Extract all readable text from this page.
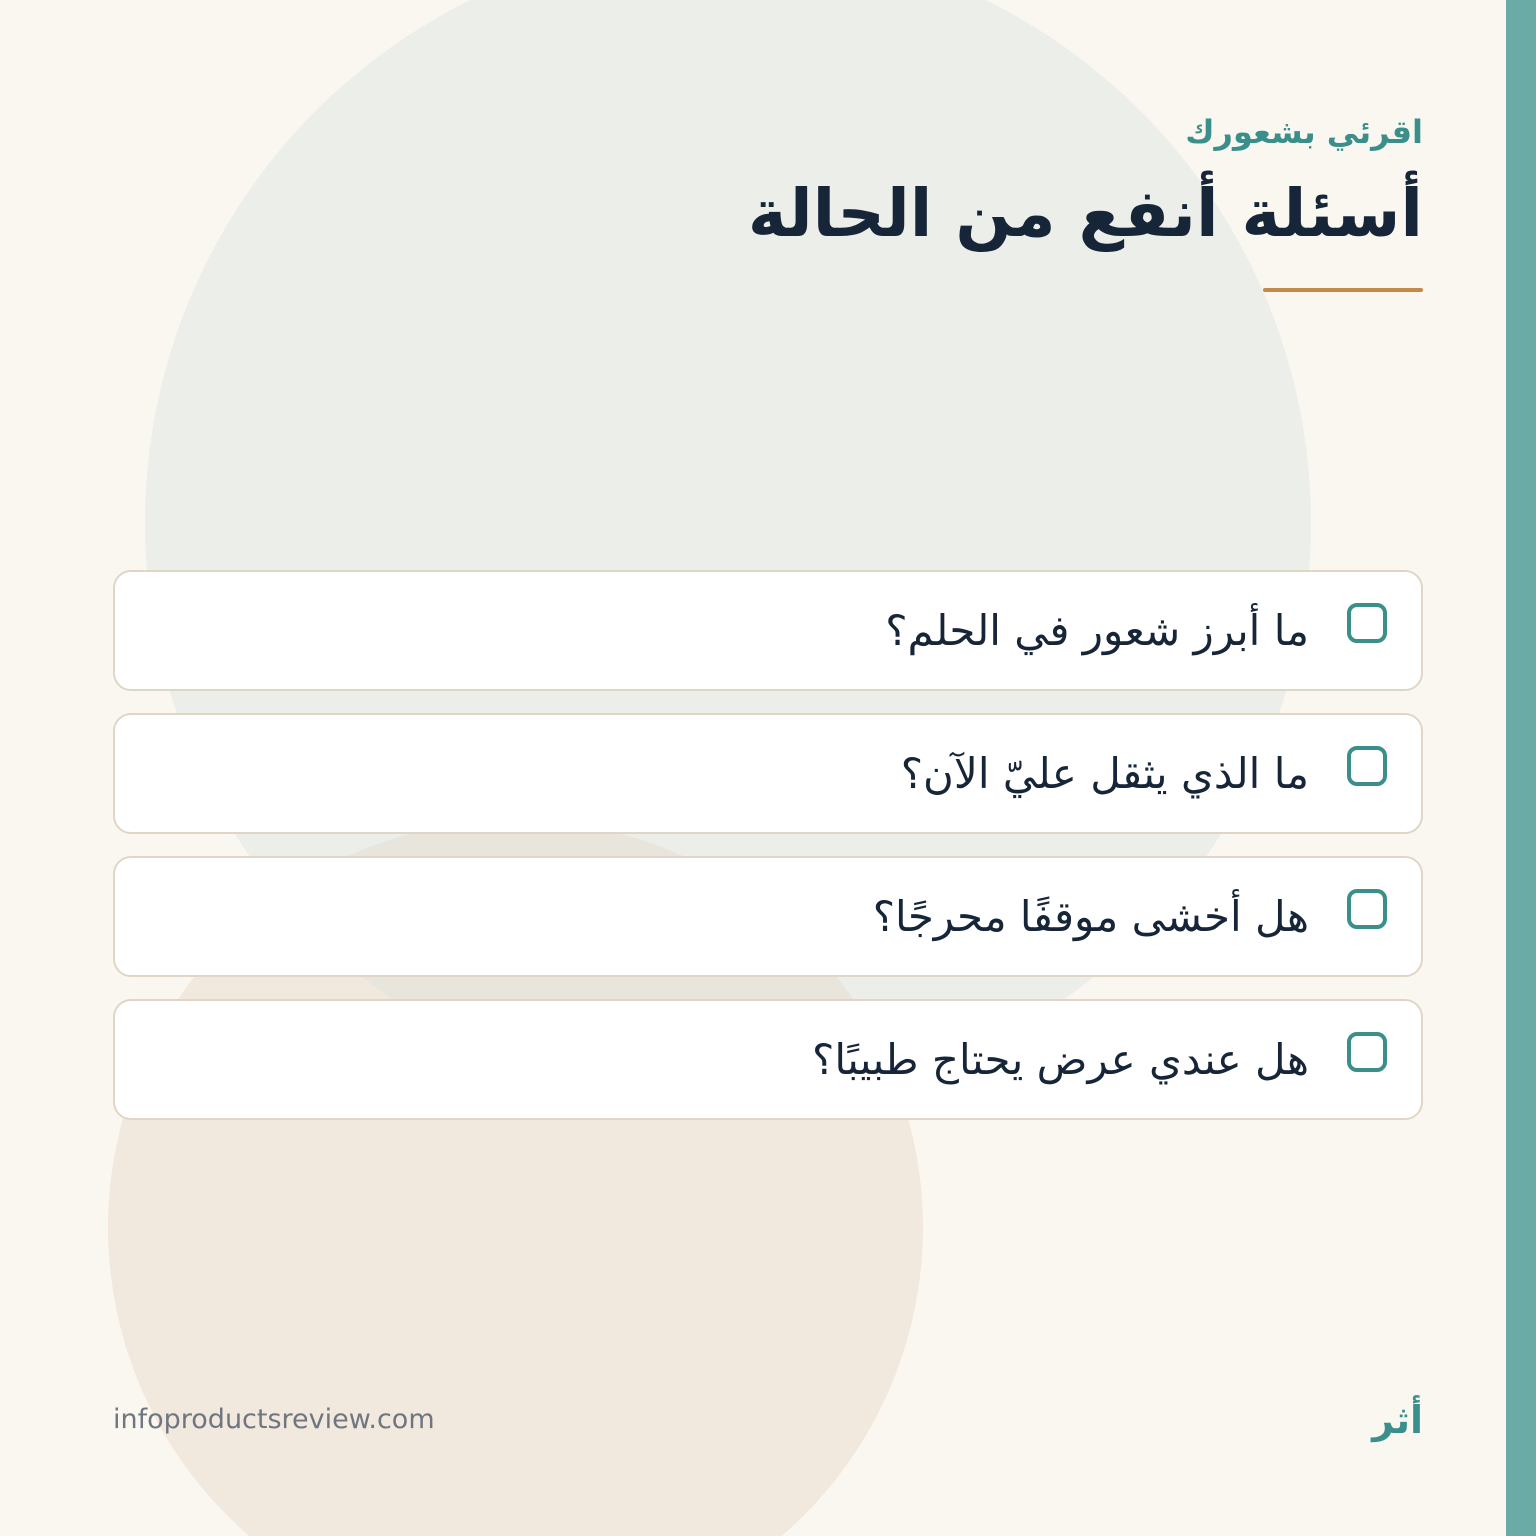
اقرئي بشعورك

أسئلة أنفع من الحالة
ما أبرز شعور في الحلم؟
ما الذي يثقل عليّ الآن؟
هل أخشى موقفًا محرجًا؟
هل عندي عرض يحتاج طبيبًا؟
infoproductsreview.com	أثر
